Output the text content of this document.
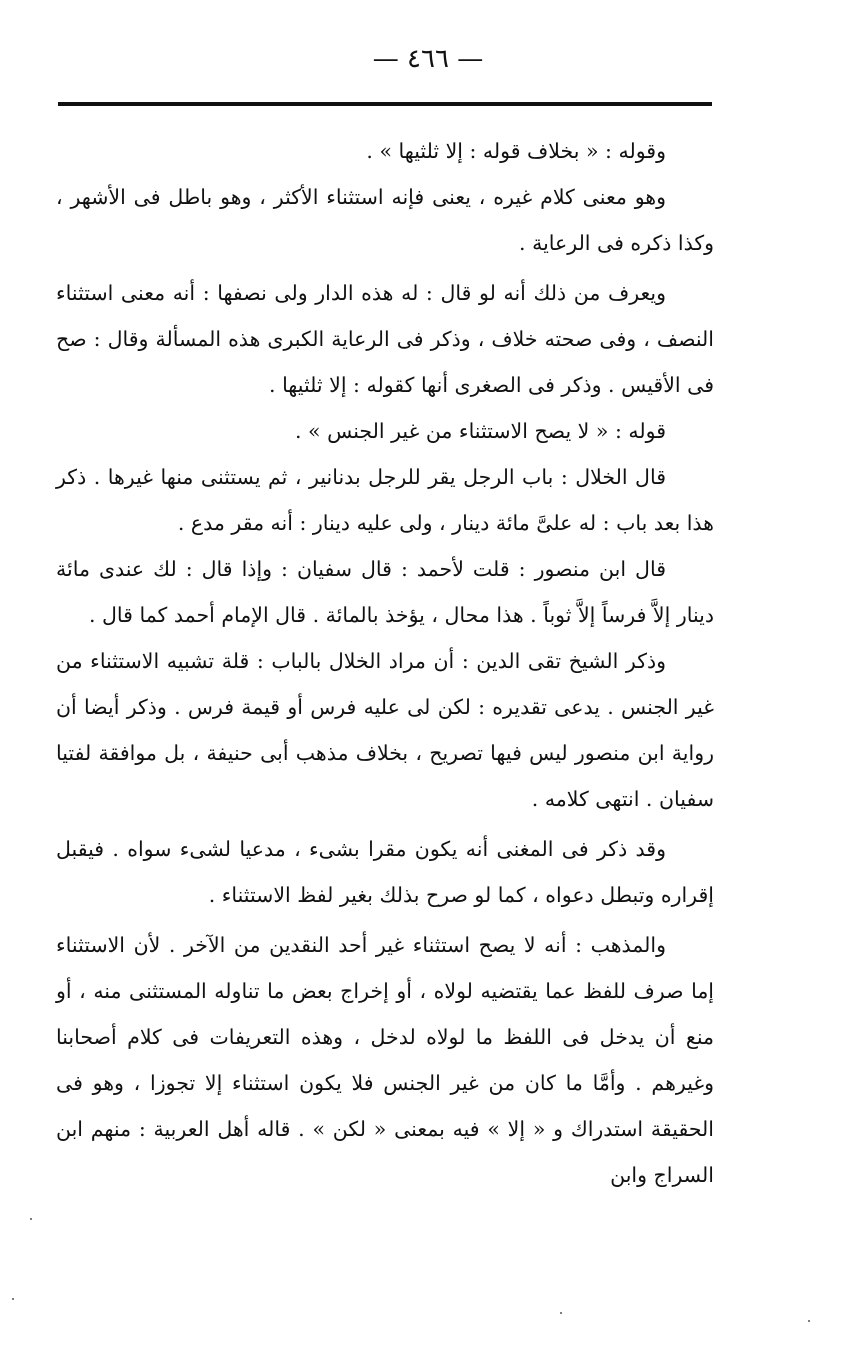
— ٤٦٦ —

وقوله : « بخلاف قوله : إلا ثلثيها » .

وهو معنى كلام غيره ، يعنى فإنه استثناء الأكثر ، وهو باطل فى الأشهر ، وكذا ذكره فى الرعاية .

ويعرف من ذلك أنه لو قال : له هذه الدار ولى نصفها : أنه معنى استثناء النصف ، وفى صحته خلاف ، وذكر فى الرعاية الكبرى هذه المسألة وقال : صح فى الأقيس . وذكر فى الصغرى أنها كقوله : إلا ثلثيها .

قوله : « لا يصح الاستثناء من غير الجنس » .

قال الخلال : باب الرجل يقر للرجل بدنانير ، ثم يستثنى منها غيرها . ذكر هذا بعد باب : له علىَّ مائة دينار ، ولى عليه دينار : أنه مقر مدع .

قال ابن منصور : قلت لأحمد : قال سفيان : وإذا قال : لك عندى مائة دينار إلاَّ فرساً إلاَّ ثوباً . هذا محال ، يؤخذ بالمائة . قال الإمام أحمد كما قال .

وذكر الشيخ تقى الدين : أن مراد الخلال بالباب : قلة تشبيه الاستثناء من غير الجنس . يدعى تقديره : لكن لى عليه فرس أو قيمة فرس . وذكر أيضا أن رواية ابن منصور ليس فيها تصريح ، بخلاف مذهب أبى حنيفة ، بل موافقة لفتيا سفيان . انتهى كلامه .

وقد ذكر فى المغنى أنه يكون مقرا بشىء ، مدعيا لشىء سواه . فيقبل إقراره وتبطل دعواه ، كما لو صرح بذلك بغير لفظ الاستثناء .

والمذهب : أنه لا يصح استثناء غير أحد النقدين من الآخر . لأن الاستثناء إما صرف للفظ عما يقتضيه لولاه ، أو إخراج بعض ما تناوله المستثنى منه ، أو منع أن يدخل فى اللفظ ما لولاه لدخل ، وهذه التعريفات فى كلام أصحابنا وغيرهم . وأمَّا ما كان من غير الجنس فلا يكون استثناء إلا تجوزا ، وهو فى الحقيقة استدراك و « إلا » فيه بمعنى « لكن » . قاله أهل العربية : منهم ابن السراج وابن
